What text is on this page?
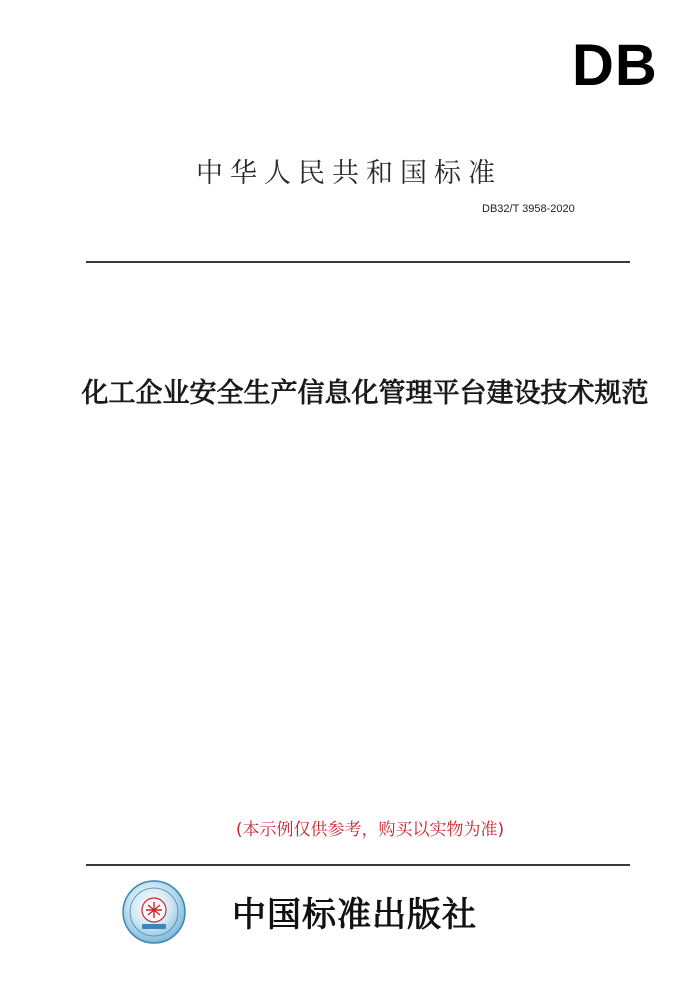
DB
中华人民共和国标准
DB32/T 3958-2020
化工企业安全生产信息化管理平台建设技术规范
(本示例仅供参考，购买以实物为准)
中国标准出版社
